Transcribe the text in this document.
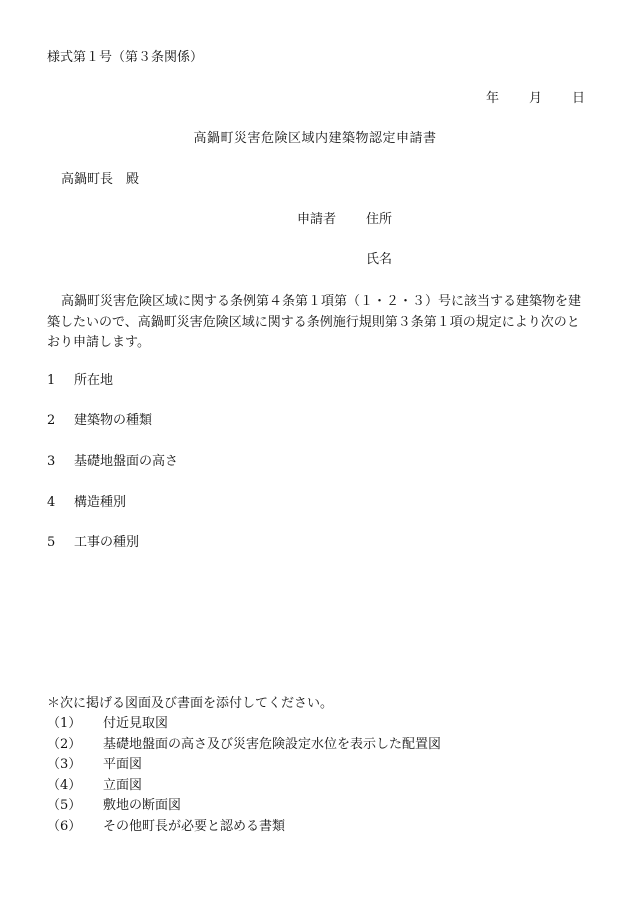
様式第１号（第３条関係）
年 月 日
高鍋町災害危険区域内建築物認定申請書
高鍋町長　殿
申請者 住所
氏名
高鍋町災害危険区域に関する条例第４条第１項第（１・２・３）号に該当する建築物を建築したいので、高鍋町災害危険区域に関する条例施行規則第３条第１項の規定により次のとおり申請します。
1 所在地
2 建築物の種類
3 基礎地盤面の高さ
4 構造種別
5 工事の種別
＊次に掲げる図面及び書面を添付してください。
（1） 付近見取図
（2） 基礎地盤面の高さ及び災害危険設定水位を表示した配置図
（3） 平面図
（4） 立面図
（5） 敷地の断面図
（6） その他町長が必要と認める書類
